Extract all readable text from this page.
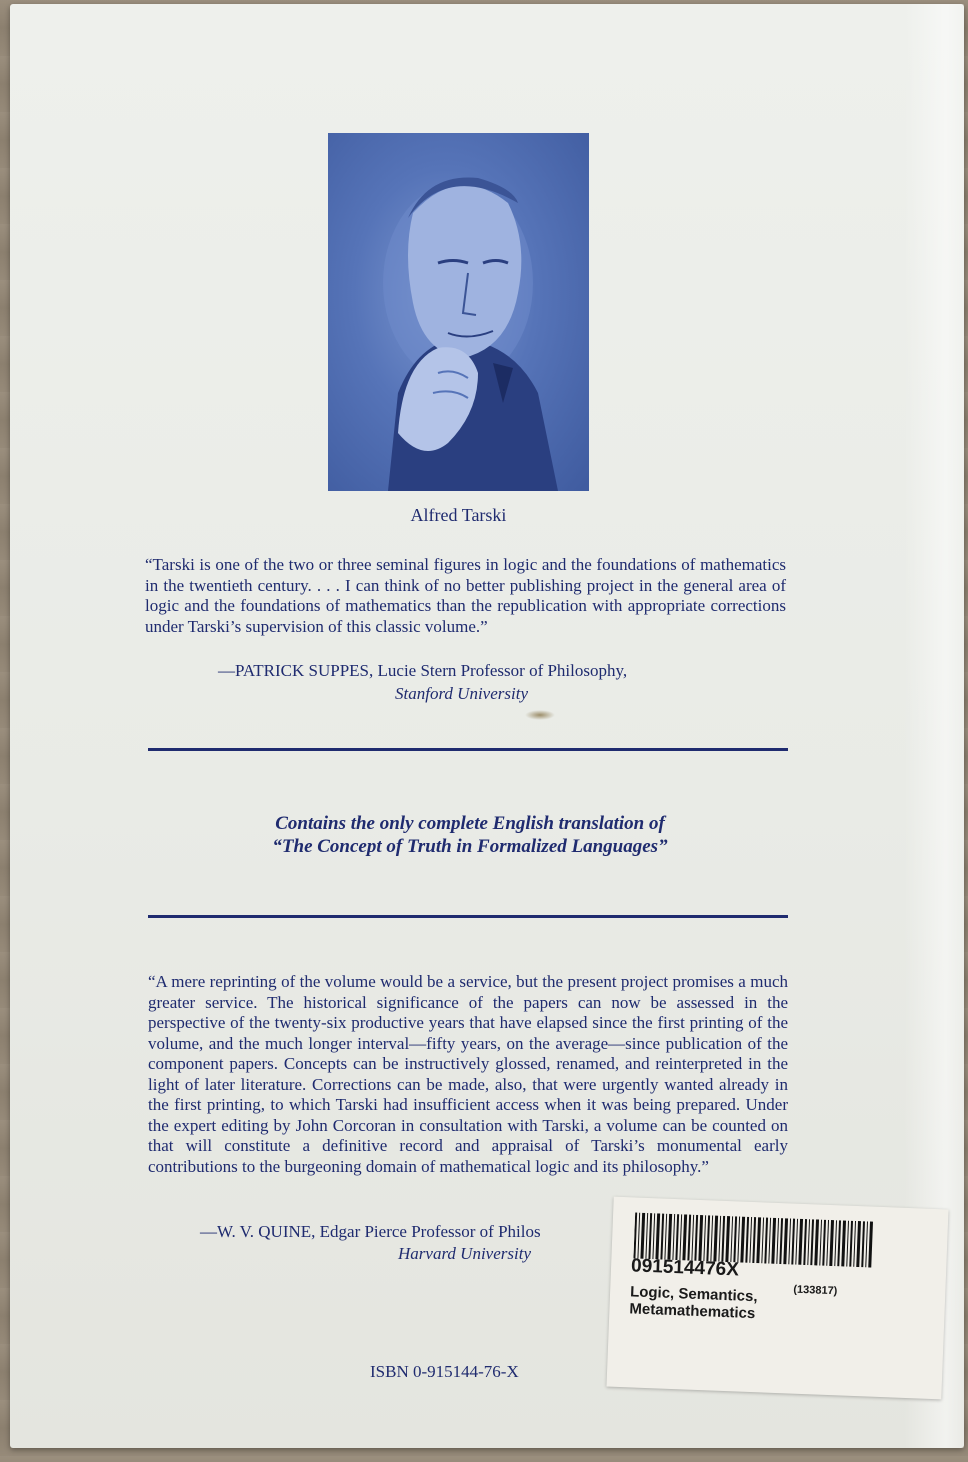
Alfred Tarski
“Tarski is one of the two or three seminal figures in logic and the foundations of mathematics in the twentieth century. . . . I can think of no better publishing project in the general area of logic and the foundations of mathematics than the republication with appropriate corrections under Tarski’s supervision of this classic volume.”
—PATRICK SUPPES, Lucie Stern Professor of Philosophy,
Stanford University
Contains the only complete English translation of
“The Concept of Truth in Formalized Languages”
“A mere reprinting of the volume would be a service, but the present project promises a much greater service. The historical significance of the papers can now be assessed in the perspective of the twenty-six productive years that have elapsed since the first printing of the volume, and the much longer interval—fifty years, on the average—since publication of the component papers. Concepts can be instructively glossed, renamed, and reinterpreted in the light of later literature. Corrections can be made, also, that were urgently wanted already in the first printing, to which Tarski had insufficient access when it was being prepared. Under the expert editing by John Corcoran in consultation with Tarski, a volume can be counted on that will constitute a definitive record and appraisal of Tarski’s monumental early contributions to the burgeoning domain of mathematical logic and its philosophy.”
—W. V. QUINE, Edgar Pierce Professor of Philos
Harvard University
ISBN 0-915144-76-X
091514476X
(133817)
Logic, Semantics,
Metamathematics
